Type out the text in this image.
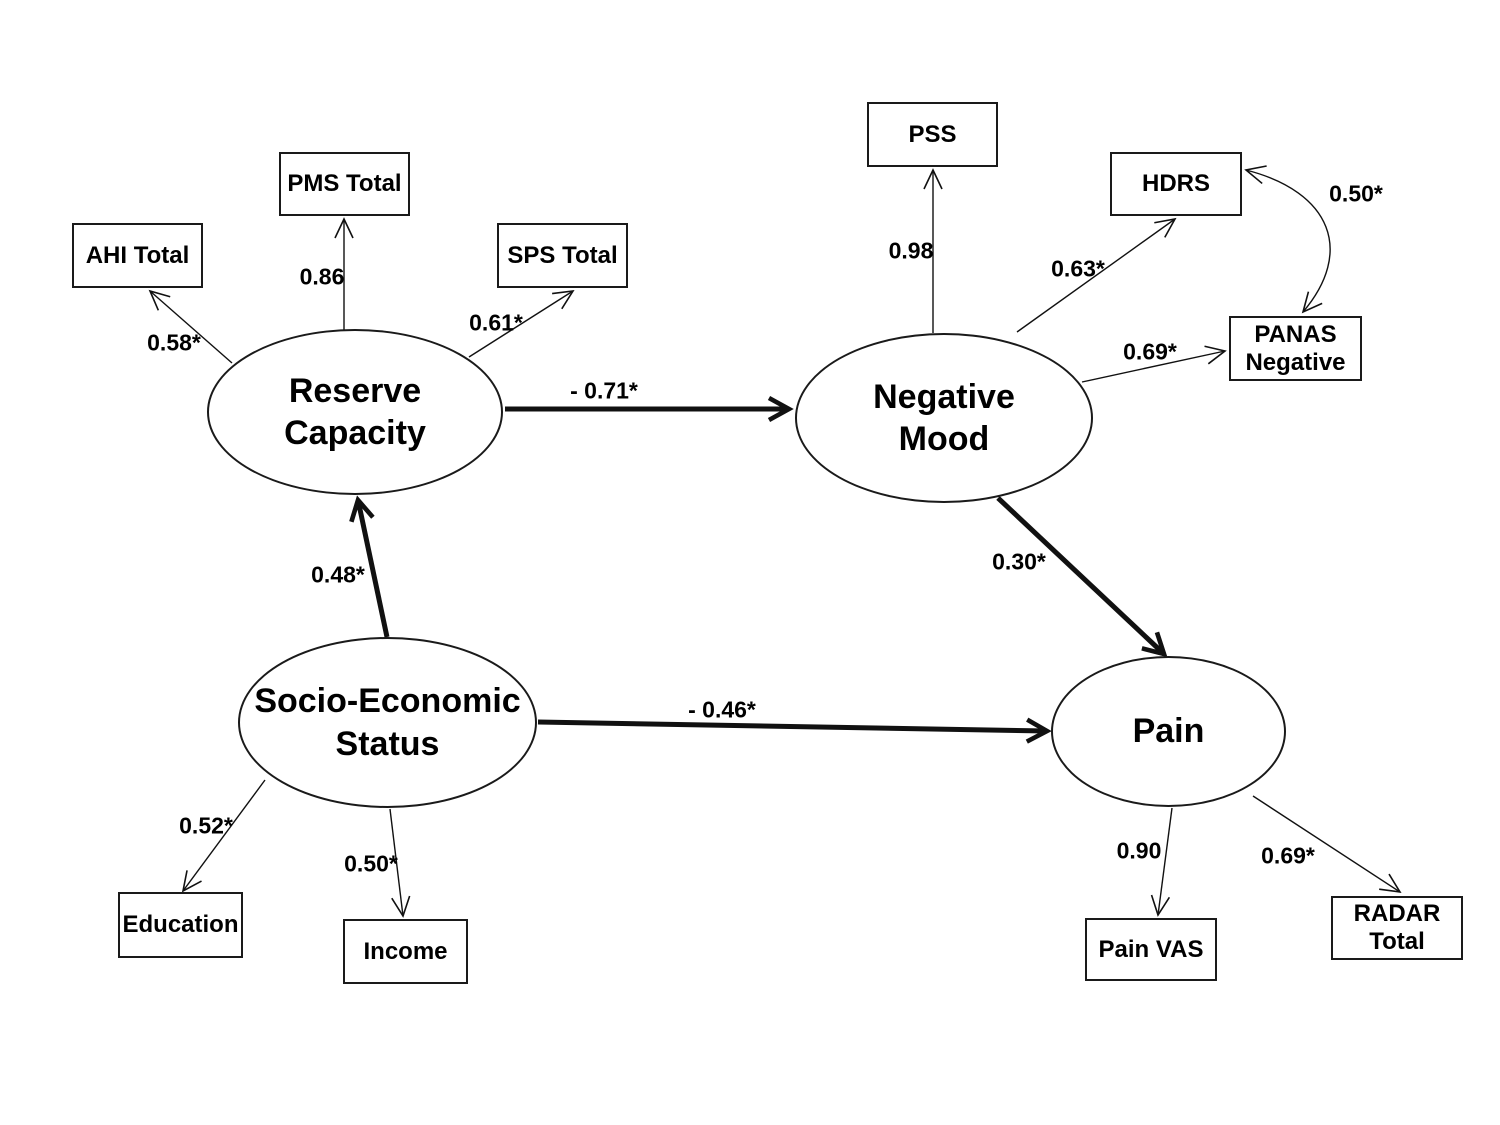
Reserve
Capacity
Negative
Mood
Socio-Economic
Status	Pain
AHI Total
PMS Total
SPS Total
PSS
HDRS
PANAS
Negative
Education
Income	Pain VAS
RADAR
Total
0.48*
- 0.71*
0.30*
- 0.46*
0.58*
0.86
0.61*
0.98
0.63*
0.69*
0.50*
0.52*
0.50*	0.90	0.69*
